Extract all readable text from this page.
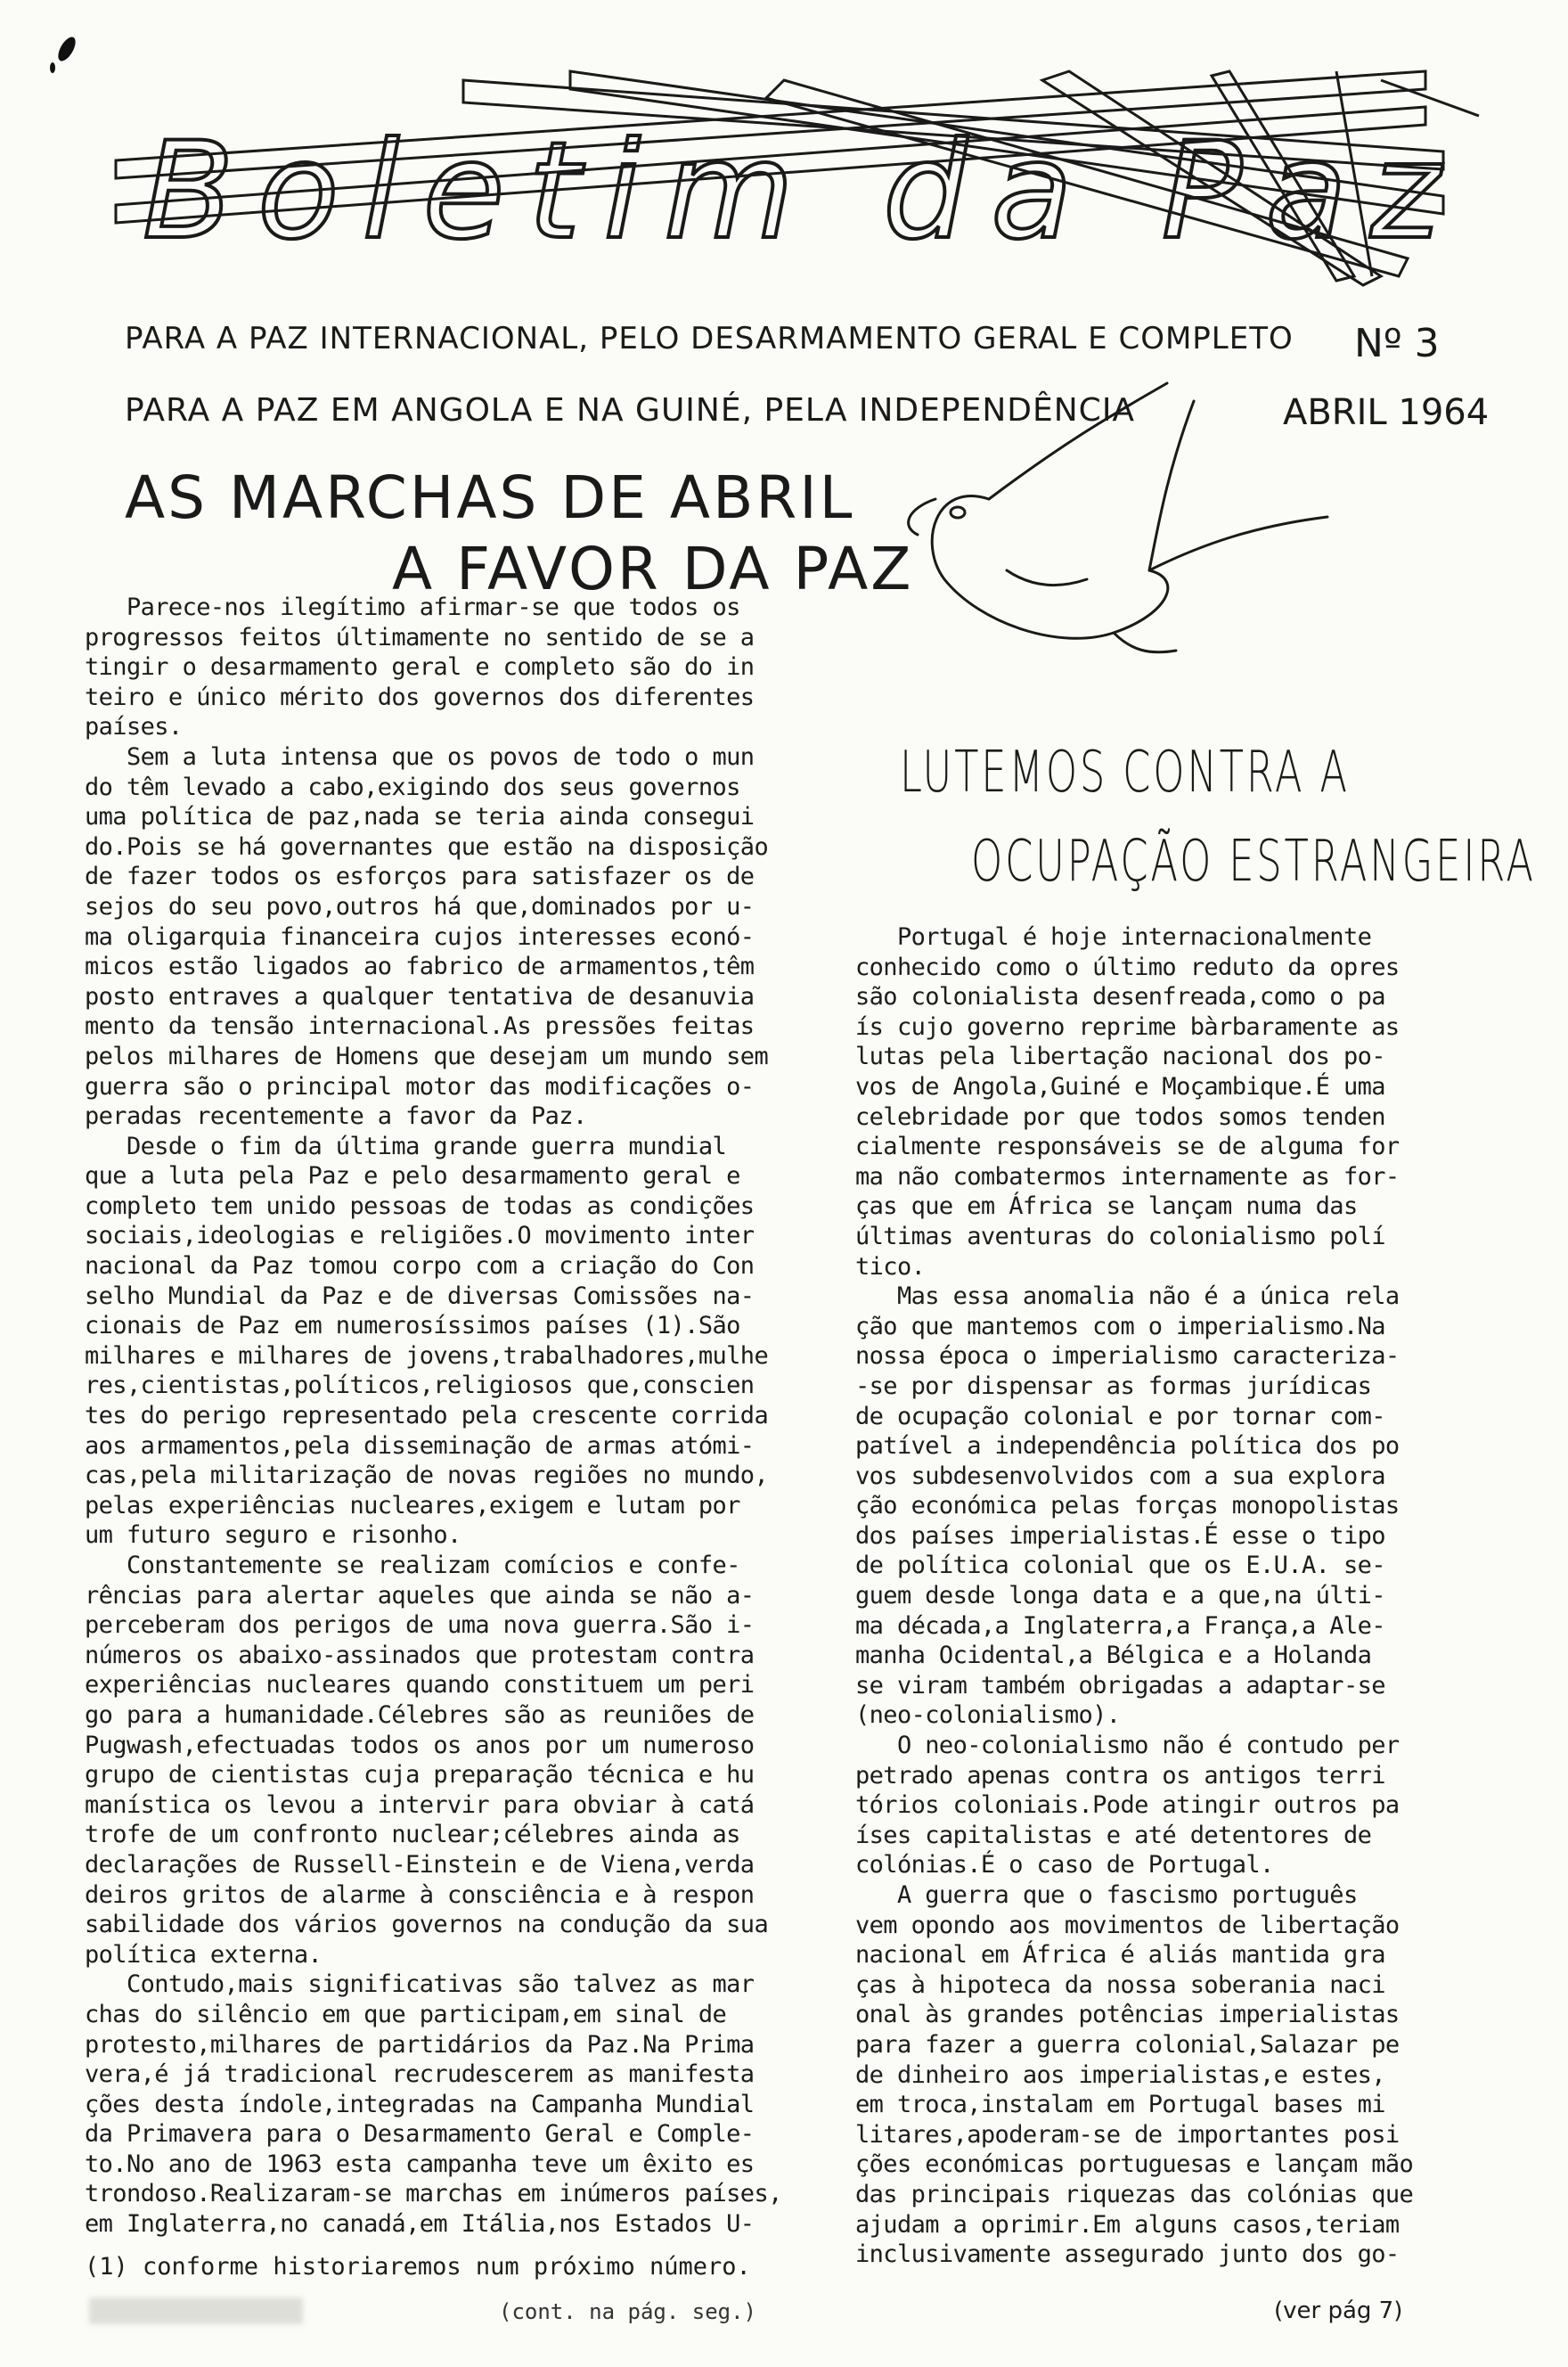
Boletim da Paz
PARA A PAZ INTERNACIONAL, PELO DESARMAMENTO GERAL E COMPLETO
PARA A PAZ EM ANGOLA E NA GUINÉ, PELA INDEPENDÊNCIA
Nº 3
ABRIL 1964
AS MARCHAS DE ABRIL
A FAVOR DA PAZ
LUTEMOS CONTRA A
OCUPAÇÃO ESTRANGEIRA
Parece-nos ilegítimo afirmar-se que todos os
progressos feitos últimamente no sentido de se a
tingir o desarmamento geral e completo são do in
teiro e único mérito dos governos dos diferentes
países.
Sem a luta intensa que os povos de todo o mun
do têm levado a cabo,exigindo dos seus governos
uma política de paz,nada se teria ainda consegui
do.Pois se há governantes que estão na disposição
de fazer todos os esforços para satisfazer os de
sejos do seu povo,outros há que,dominados por u-
ma oligarquia financeira cujos interesses econó-
micos estão ligados ao fabrico de armamentos,têm
posto entraves a qualquer tentativa de desanuvia
mento da tensão internacional.As pressões feitas
pelos milhares de Homens que desejam um mundo sem
guerra são o principal motor das modificações o-
peradas recentemente a favor da Paz.
Desde o fim da última grande guerra mundial
que a luta pela Paz e pelo desarmamento geral e
completo tem unido pessoas de todas as condições
sociais,ideologias e religiões.O movimento inter
nacional da Paz tomou corpo com a criação do Con
selho Mundial da Paz e de diversas Comissões na-
cionais de Paz em numerosíssimos países (1).São
milhares e milhares de jovens,trabalhadores,mulhe
res,cientistas,políticos,religiosos que,conscien
tes do perigo representado pela crescente corrida
aos armamentos,pela disseminação de armas atómi-
cas,pela militarização de novas regiões no mundo,
pelas experiências nucleares,exigem e lutam por
um futuro seguro e risonho.
Constantemente se realizam comícios e confe-
rências para alertar aqueles que ainda se não a-
perceberam dos perigos de uma nova guerra.São i-
números os abaixo-assinados que protestam contra
experiências nucleares quando constituem um peri
go para a humanidade.Célebres são as reuniões de
Pugwash,efectuadas todos os anos por um numeroso
grupo de cientistas cuja preparação técnica e hu
manística os levou a intervir para obviar à catá
trofe de um confronto nuclear;célebres ainda as
declarações de Russell-Einstein e de Viena,verda
deiros gritos de alarme à consciência e à respon
sabilidade dos vários governos na condução da sua
política externa.
Contudo,mais significativas são talvez as mar
chas do silêncio em que participam,em sinal de
protesto,milhares de partidários da Paz.Na Prima
vera,é já tradicional recrudescerem as manifesta
ções desta índole,integradas na Campanha Mundial
da Primavera para o Desarmamento Geral e Comple-
to.No ano de 1963 esta campanha teve um êxito es
trondoso.Realizaram-se marchas em inúmeros países,
em Inglaterra,no canadá,em Itália,nos Estados U-
Portugal é hoje internacionalmente
conhecido como o último reduto da opres
são colonialista desenfreada,como o pa
ís cujo governo reprime bàrbaramente as
lutas pela libertação nacional dos po-
vos de Angola,Guiné e Moçambique.É uma
celebridade por que todos somos tenden
cialmente responsáveis se de alguma for
ma não combatermos internamente as for-
ças que em África se lançam numa das
últimas aventuras do colonialismo polí
tico.
Mas essa anomalia não é a única rela
ção que mantemos com o imperialismo.Na
nossa época o imperialismo caracteriza-
-se por dispensar as formas jurídicas
de ocupação colonial e por tornar com-
patível a independência política dos po
vos subdesenvolvidos com a sua explora
ção económica pelas forças monopolistas
dos países imperialistas.É esse o tipo
de política colonial que os E.U.A. se-
guem desde longa data e a que,na últi-
ma década,a Inglaterra,a França,a Ale-
manha Ocidental,a Bélgica e a Holanda
se viram também obrigadas a adaptar-se
(neo-colonialismo).
O neo-colonialismo não é contudo per
petrado apenas contra os antigos terri
tórios coloniais.Pode atingir outros pa
íses capitalistas e até detentores de
colónias.É o caso de Portugal.
A guerra que o fascismo português
vem opondo aos movimentos de libertação
nacional em África é aliás mantida gra
ças à hipoteca da nossa soberania naci
onal às grandes potências imperialistas
para fazer a guerra colonial,Salazar pe
de dinheiro aos imperialistas,e estes,
em troca,instalam em Portugal bases mi
litares,apoderam-se de importantes posi
ções económicas portuguesas e lançam mão
das principais riquezas das colónias que
ajudam a oprimir.Em alguns casos,teriam
inclusivamente assegurado junto dos go-
(1) conforme historiaremos num próximo número.
(cont. na pág. seg.)	(ver pág 7)
